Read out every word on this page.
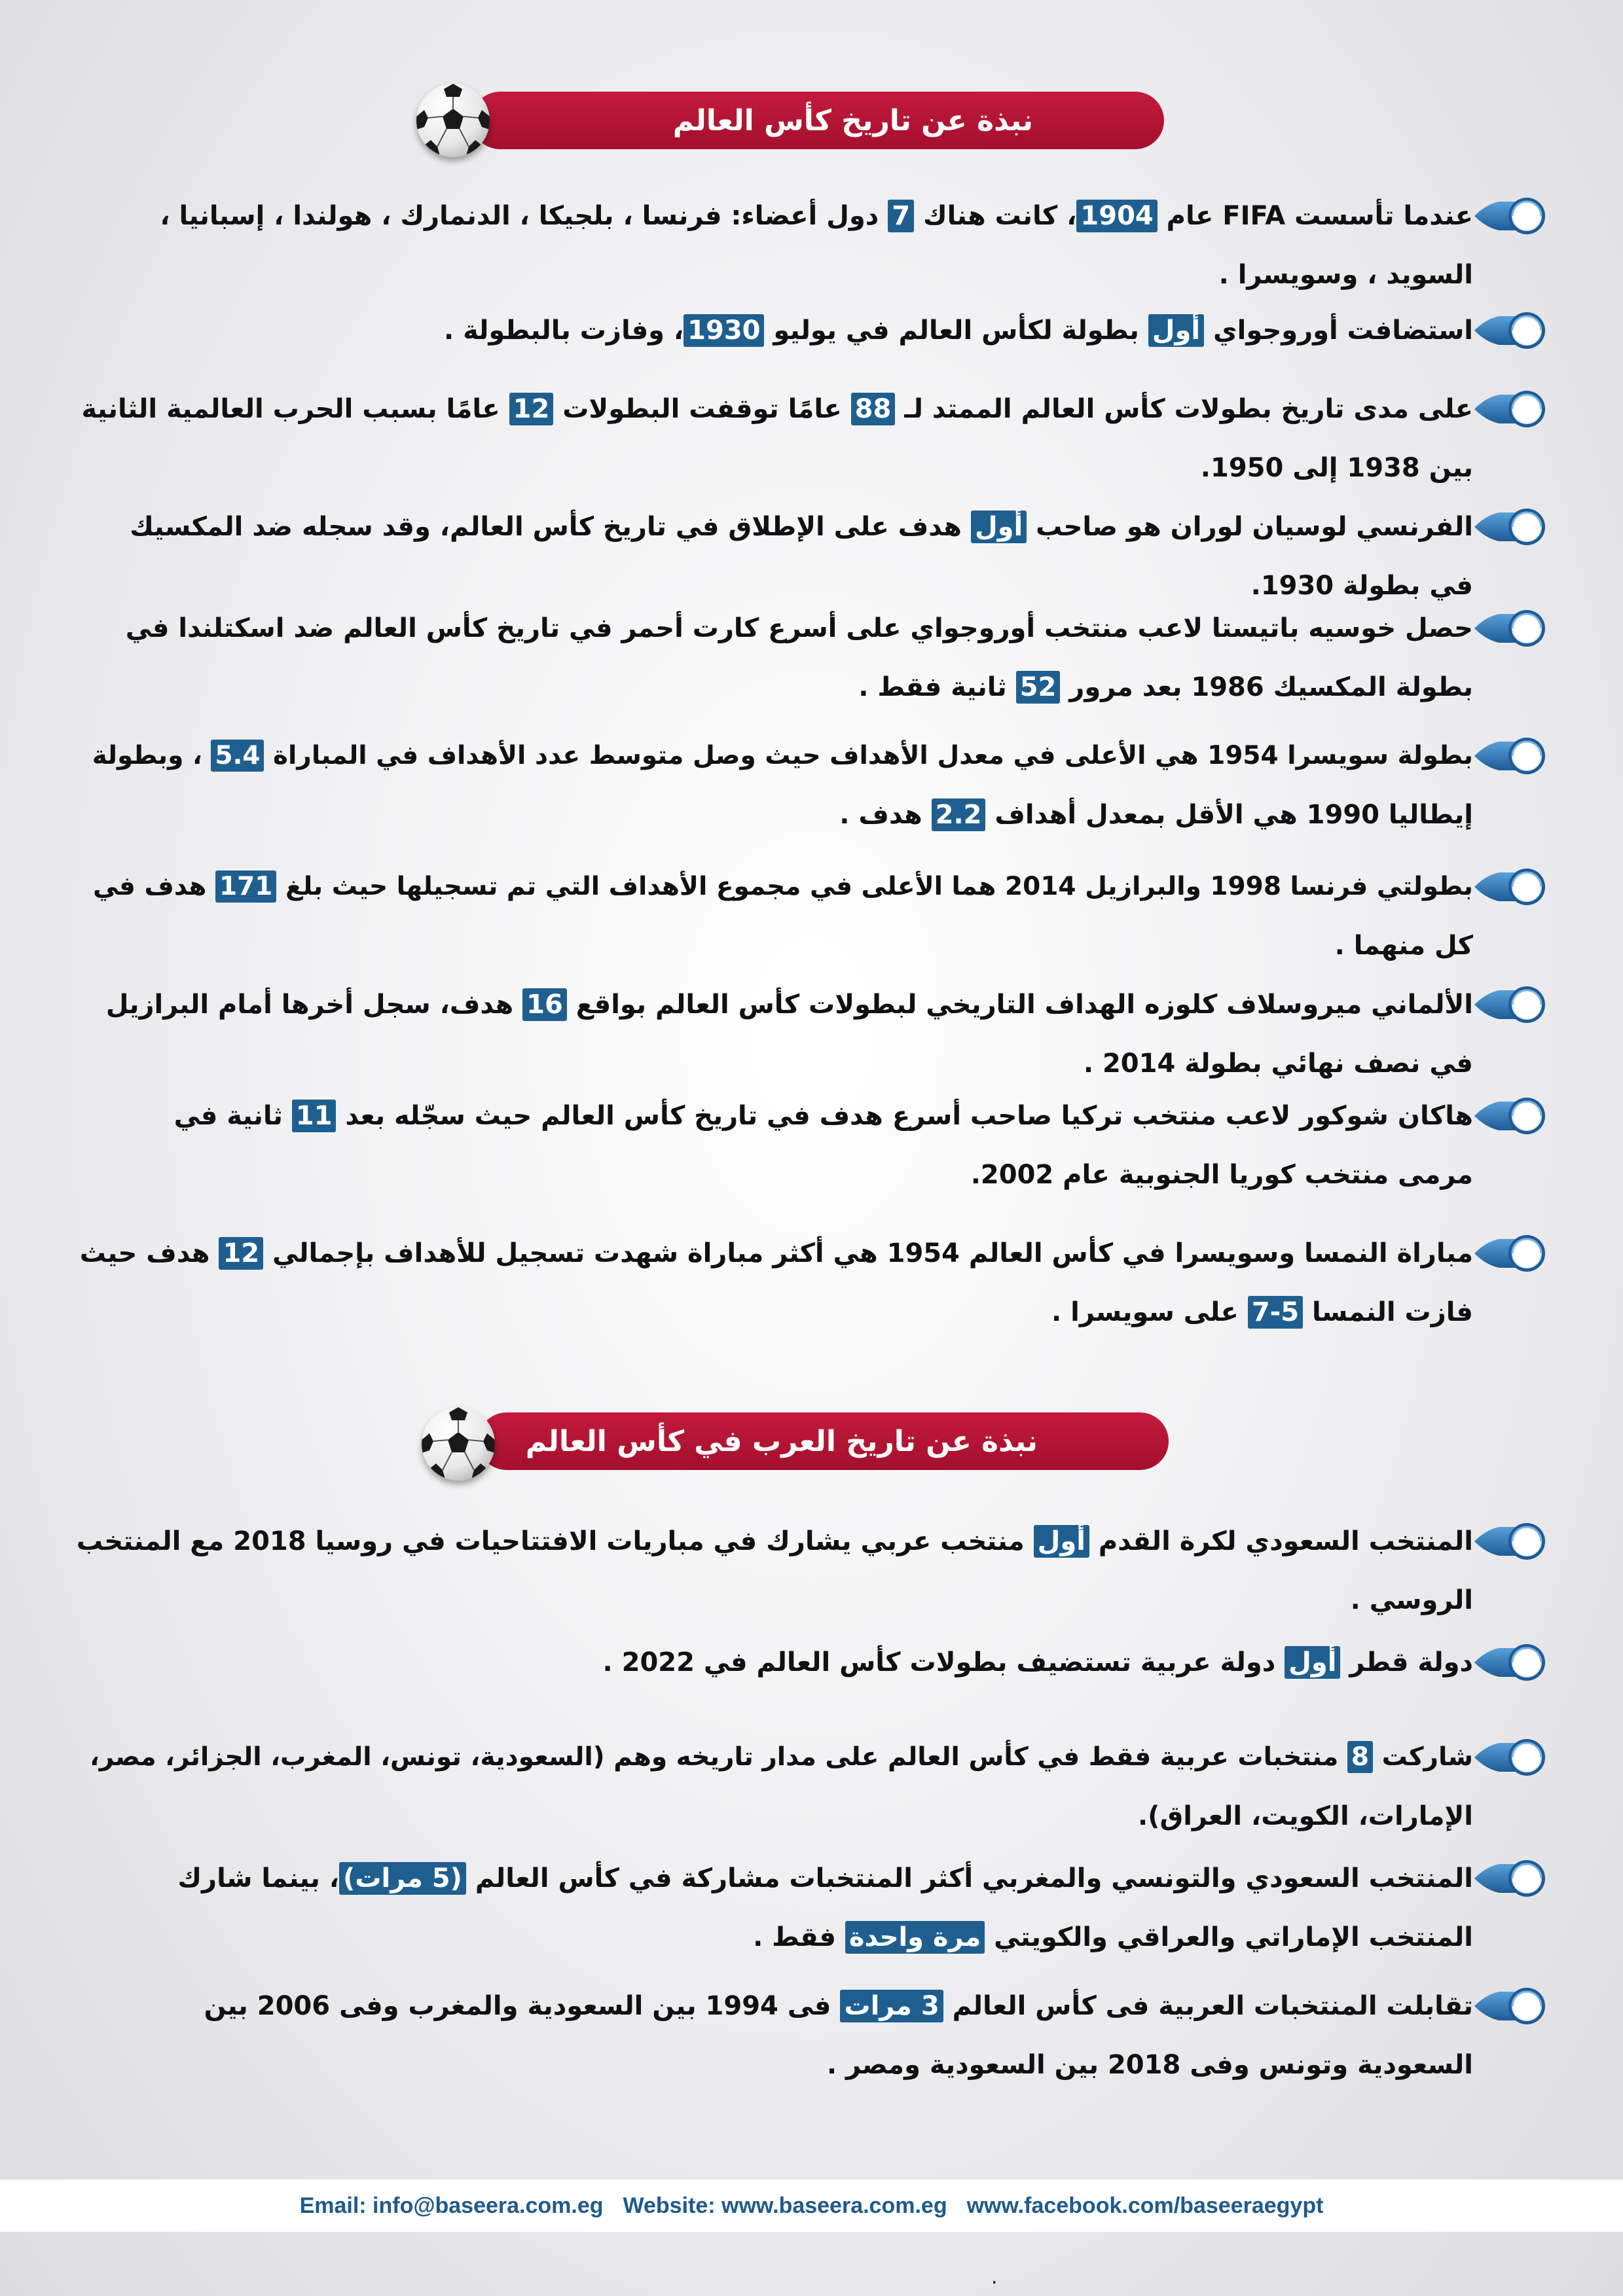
نبذة عن تاريخ كأس العالم
نبذة عن تاريخ العرب في كأس العالم
عندما تأسست FIFA عام 1904، كانت هناك 7 دول أعضاء: فرنسا ، بلجيكا ، الدنمارك ، هولندا ، إسبانيا ،
السويد ، وسويسرا .
استضافت أوروجواي أول بطولة لكأس العالم في يوليو 1930، وفازت بالبطولة .
على مدى تاريخ بطولات كأس العالم الممتد لـ 88 عامًا توقفت البطولات 12 عامًا بسبب الحرب العالمية الثانية
بين 1938 إلى 1950.
الفرنسي لوسيان لوران هو صاحب أول هدف على الإطلاق في تاريخ كأس العالم، وقد سجله ضد المكسيك
في بطولة 1930.
حصل خوسيه باتيستا لاعب منتخب أوروجواي على أسرع كارت أحمر في تاريخ كأس العالم ضد اسكتلندا في
بطولة المكسيك 1986 بعد مرور 52 ثانية فقط .
بطولة سويسرا 1954 هي الأعلى في معدل الأهداف حيث وصل متوسط عدد الأهداف في المباراة 5.4 ، وبطولة
إيطاليا 1990 هي الأقل بمعدل أهداف 2.2 هدف .
بطولتي فرنسا 1998 والبرازيل 2014 هما الأعلى في مجموع الأهداف التي تم تسجيلها حيث بلغ 171 هدف في
كل منهما .
الألماني ميروسلاف كلوزه الهداف التاريخي لبطولات كأس العالم بواقع 16 هدف، سجل أخرها أمام البرازيل
في نصف نهائي بطولة 2014 .
هاكان شوكور لاعب منتخب تركيا صاحب أسرع هدف في تاريخ كأس العالم حيث سجّله بعد 11 ثانية في
مرمى منتخب كوريا الجنوبية عام 2002.
مباراة النمسا وسويسرا في كأس العالم 1954 هي أكثر مباراة شهدت تسجيل للأهداف بإجمالي 12 هدف حيث
فازت النمسا 5-7 على سويسرا .
المنتخب السعودي لكرة القدم أول منتخب عربي يشارك في مباريات الافتتاحيات في روسيا 2018 مع المنتخب
الروسي .
دولة قطر أول دولة عربية تستضيف بطولات كأس العالم في 2022 .
شاركت 8 منتخبات عربية فقط في كأس العالم على مدار تاريخه وهم (السعودية، تونس، المغرب، الجزائر، مصر،
الإمارات، الكويت، العراق).
المنتخب السعودي والتونسي والمغربي أكثر المنتخبات مشاركة في كأس العالم (5 مرات)، بينما شارك
المنتخب الإماراتي والعراقي والكويتي مرة واحدة فقط .
تقابلت المنتخبات العربية فى كأس العالم 3 مرات فى 1994 بين السعودية والمغرب وفى 2006 بين
السعودية وتونس وفى 2018 بين السعودية ومصر .
Email: info@baseera.com.eg Website: www.baseera.com.eg www.facebook.com/baseeraegypt
.
